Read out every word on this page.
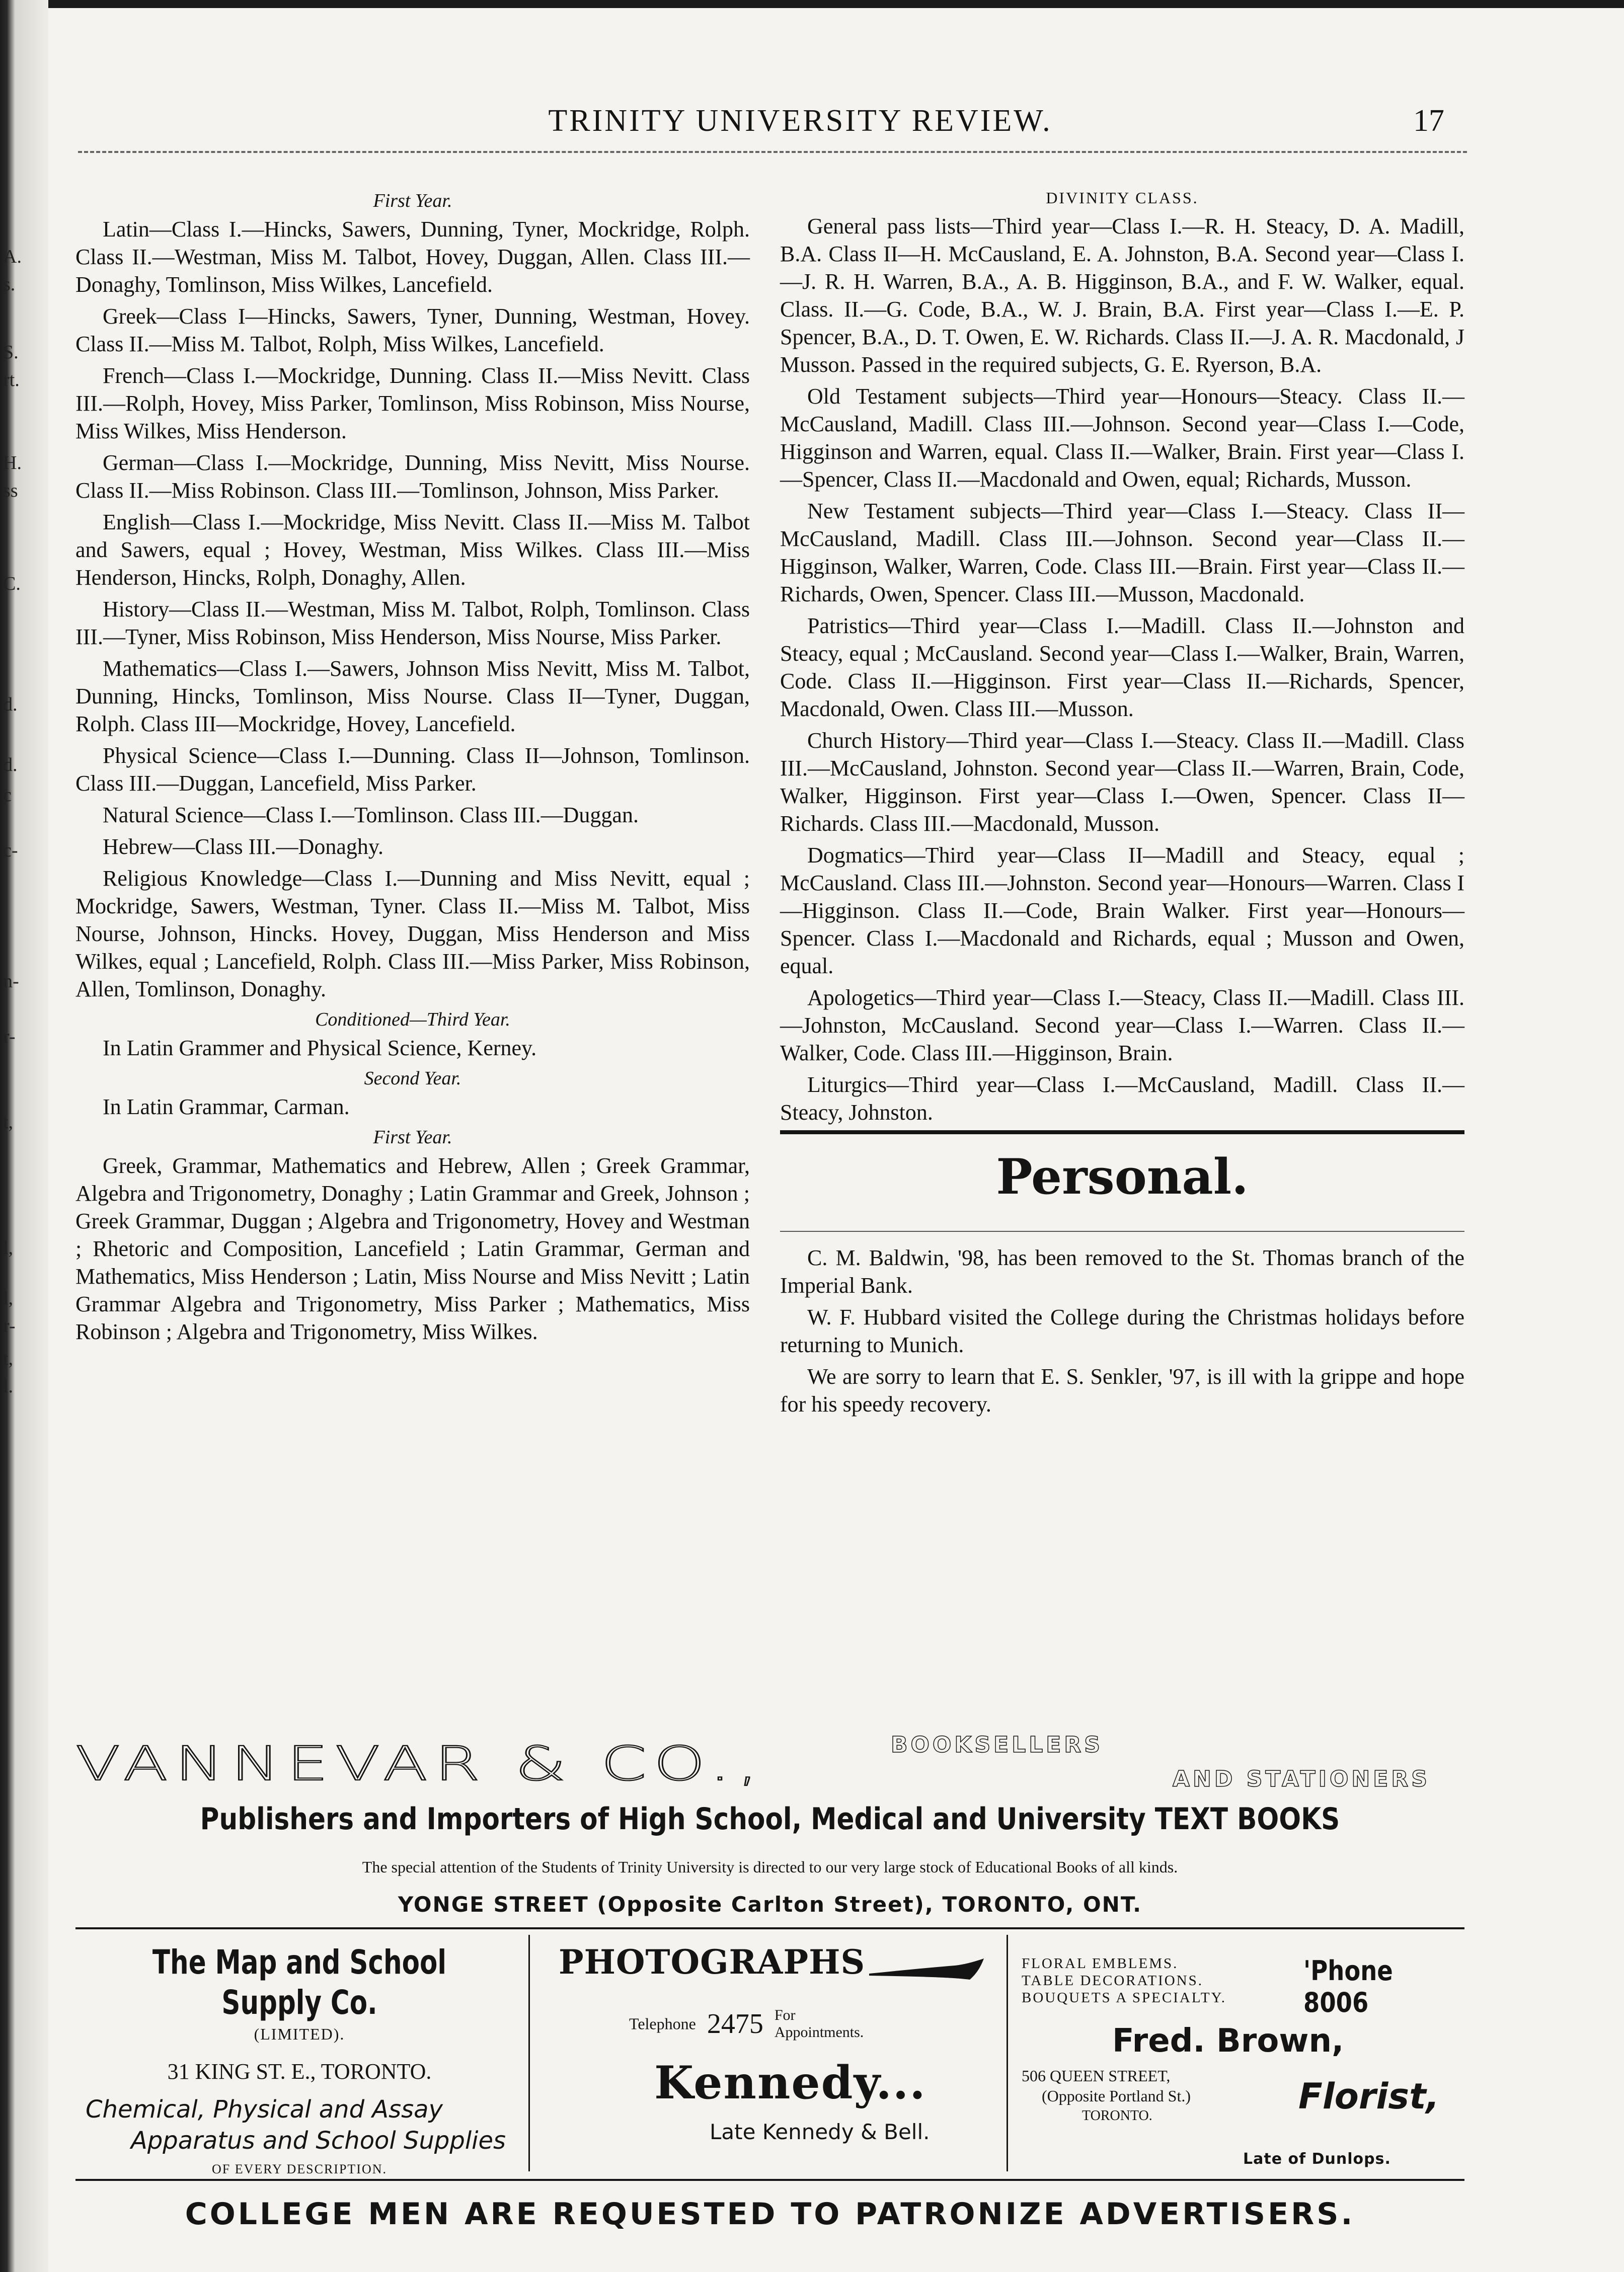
A.
s.
S.
rt.
H.
ss
C.
d.
d.
c
c-
n-
r-
t,
l,
l,
r-
t,
l.
TRINITY UNIVERSITY REVIEW.	17
First Year.

Latin—Class I.—Hincks, Sawers, Dunning, Tyner, Mockridge, Rolph. Class II.—Westman, Miss M. Talbot, Hovey, Duggan, Allen. Class III.—Donaghy, Tomlinson, Miss Wilkes, Lancefield.

Greek—Class I—Hincks, Sawers, Tyner, Dunning, Westman, Hovey. Class II.—Miss M. Talbot, Rolph, Miss Wilkes, Lancefield.

French—Class I.—Mockridge, Dunning. Class II.—Miss Nevitt. Class III.—Rolph, Hovey, Miss Parker, Tomlinson, Miss Robinson, Miss Nourse, Miss Wilkes, Miss Henderson.

German—Class I.—Mockridge, Dunning, Miss Nevitt, Miss Nourse. Class II.—Miss Robinson. Class III.—Tomlinson, Johnson, Miss Parker.

English—Class I.—Mockridge, Miss Nevitt. Class II.—Miss M. Talbot and Sawers, equal ; Hovey, Westman, Miss Wilkes. Class III.—Miss Henderson, Hincks, Rolph, Donaghy, Allen.

History—Class II.—Westman, Miss M. Talbot, Rolph, Tomlinson. Class III.—Tyner, Miss Robinson, Miss Henderson, Miss Nourse, Miss Parker.

Mathematics—Class I.—Sawers, Johnson Miss Nevitt, Miss M. Talbot, Dunning, Hincks, Tomlinson, Miss Nourse. Class II—Tyner, Duggan, Rolph. Class III—Mockridge, Hovey, Lancefield.

Physical Science—Class I.—Dunning. Class II—Johnson, Tomlinson. Class III.—Duggan, Lancefield, Miss Parker.

Natural Science—Class I.—Tomlinson. Class III.—Duggan.

Hebrew—Class III.—Donaghy.

Religious Knowledge—Class I.—Dunning and Miss Nevitt, equal ; Mockridge, Sawers, Westman, Tyner. Class II.—Miss M. Talbot, Miss Nourse, Johnson, Hincks. Hovey, Duggan, Miss Henderson and Miss Wilkes, equal ; Lancefield, Rolph. Class III.—Miss Parker, Miss Robinson, Allen, Tomlinson, Donaghy.

Conditioned—Third Year.

In Latin Grammer and Physical Science, Kerney.

Second Year.

In Latin Grammar, Carman.

First Year.

Greek, Grammar, Mathematics and Hebrew, Allen ; Greek Grammar, Algebra and Trigonometry, Donaghy ; Latin Grammar and Greek, Johnson ; Greek Grammar, Duggan ; Algebra and Trigonometry, Hovey and Westman ; Rhetoric and Composition, Lancefield ; Latin Grammar, German and Mathematics, Miss Henderson ; Latin, Miss Nourse and Miss Nevitt ; Latin Grammar Algebra and Trigonometry, Miss Parker ; Mathematics, Miss Robinson ; Algebra and Trigonometry, Miss Wilkes.

DIVINITY CLASS.

General pass lists—Third year—Class I.—R. H. Steacy, D. A. Madill, B.A. Class II—H. McCausland, E. A. Johnston, B.A. Second year—Class I.—J. R. H. Warren, B.A., A. B. Higginson, B.A., and F. W. Walker, equal. Class. II.—G. Code, B.A., W. J. Brain, B.A. First year—Class I.—E. P. Spencer, B.A., D. T. Owen, E. W. Richards. Class II.—J. A. R. Macdonald, J Musson. Passed in the required subjects, G. E. Ryerson, B.A.

Old Testament subjects—Third year—Honours—Steacy. Class II.—McCausland, Madill. Class III.—Johnson. Second year—Class I.—Code, Higginson and Warren, equal. Class II.—Walker, Brain. First year—Class I.—Spencer, Class II.—Macdonald and Owen, equal; Richards, Musson.

New Testament subjects—Third year—Class I.—Steacy. Class II—McCausland, Madill. Class III.—Johnson. Second year—Class II.—Higginson, Walker, Warren, Code. Class III.—Brain. First year—Class II.—Richards, Owen, Spencer. Class III.—Musson, Macdonald.

Patristics—Third year—Class I.—Madill. Class II.—Johnston and Steacy, equal ; McCausland. Second year—Class I.—Walker, Brain, Warren, Code. Class II.—Higginson. First year—Class II.—Richards, Spencer, Macdonald, Owen. Class III.—Musson.

Church History—Third year—Class I.—Steacy. Class II.—Madill. Class III.—McCausland, Johnston. Second year—Class II.—Warren, Brain, Code, Walker, Higginson. First year—Class I.—Owen, Spencer. Class II—Richards. Class III.—Macdonald, Musson.

Dogmatics—Third year—Class II—Madill and Steacy, equal ; McCausland. Class III.—Johnston. Second year—Honours—Warren. Class I—Higginson. Class II.—Code, Brain Walker. First year—Honours—Spencer. Class I.—Macdonald and Richards, equal ; Musson and Owen, equal.

Apologetics—Third year—Class I.—Steacy, Class II.—Madill. Class III.—Johnston, McCausland. Second year—Class I.—Warren. Class II.—Walker, Code. Class III.—Higginson, Brain.

Liturgics—Third year—Class I.—McCausland, Madill. Class II.—Steacy, Johnston.

Personal.

C. M. Baldwin, '98, has been removed to the St. Thomas branch of the Imperial Bank.

W. F. Hubbard visited the College during the Christmas holidays before returning to Munich.

We are sorry to learn that E. S. Senkler, '97, is ill with la grippe and hope for his speedy recovery.

VANNEVAR & CO.,	BOOKSELLERS
AND STATIONERS
Publishers and Importers of High School, Medical and University TEXT BOOKS
The special attention of the Students of Trinity University is directed to our very large stock of Educational Books of all kinds.
YONGE STREET (Opposite Carlton Street), TORONTO, ONT.
The Map and School Supply Co.
(LIMITED).
31 KING ST. E., TORONTO.
Chemical, Physical and Assay
Apparatus and School Supplies
OF EVERY DESCRIPTION.
PHOTOGRAPHS
Telephone 2475 For
Appointments.
Kennedy...
Late Kennedy & Bell.
FLORAL EMBLEMS.
TABLE DECORATIONS.
BOUQUETS A SPECIALTY.
'Phone 8006
Fred. Brown,
506 QUEEN STREET,
(Opposite Portland St.)
TORONTO.	Florist,
Late of Dunlops.
COLLEGE MEN ARE REQUESTED TO PATRONIZE ADVERTISERS.
